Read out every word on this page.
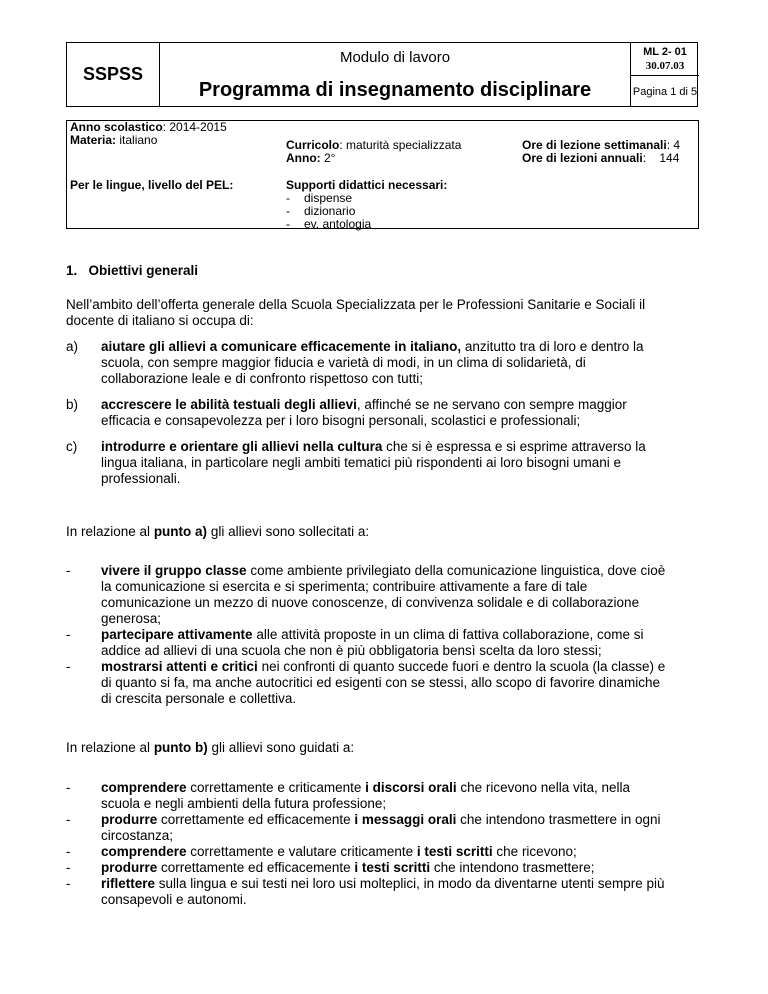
SSPSS
Modulo di lavoro
Programma di insegnamento disciplinare
ML 2- 01
30.07.03
Pagina 1 di 5
Anno scolastico: 2014-2015
Materia: italiano	Curricolo: maturità specializzata
Anno: 2°
Ore di lezione settimanali: 4
Ore di lezioni annuali:    144
Per le lingue, livello del PEL:	Supporti didattici necessari:
- dispense
- dizionario
- ev. antologia
1.   Obiettivi generali
Nell’ambito dell’offerta generale della Scuola Specializzata per le Professioni Sanitarie e Sociali il
docente di italiano si occupa di:
a) aiutare gli allievi a comunicare efficacemente in italiano, anzitutto tra di loro e dentro la
scuola, con sempre maggior fiducia e varietà di modi, in un clima di solidarietà, di
collaborazione leale e di confronto rispettoso con tutti;
b) accrescere le abilità testuali degli allievi, affinché se ne servano con sempre maggior
efficacia e consapevolezza per i loro bisogni personali, scolastici e professionali;
c) introdurre e orientare gli allievi nella cultura che si è espressa e si esprime attraverso la
lingua italiana, in particolare negli ambiti tematici più rispondenti ai loro bisogni umani e
professionali.
In relazione al punto a) gli allievi sono sollecitati a:
- vivere il gruppo classe come ambiente privilegiato della comunicazione linguistica, dove cioè
la comunicazione si esercita e si sperimenta; contribuire attivamente a fare di tale
comunicazione un mezzo di nuove conoscenze, di convivenza solidale e di collaborazione
generosa;
- partecipare attivamente alle attività proposte in un clima di fattiva collaborazione, come si
addice ad allievi di una scuola che non è più obbligatoria bensì scelta da loro stessi;
- mostrarsi attenti e critici nei confronti di quanto succede fuori e dentro la scuola (la classe) e
di quanto si fa, ma anche autocritici ed esigenti con se stessi, allo scopo di favorire dinamiche
di crescita personale e collettiva.
In relazione al punto b) gli allievi sono guidati a:
- comprendere correttamente e criticamente i discorsi orali che ricevono nella vita, nella
scuola e negli ambienti della futura professione;
- produrre correttamente ed efficacemente i messaggi orali che intendono trasmettere in ogni
circostanza;
- comprendere correttamente e valutare criticamente i testi scritti che ricevono;
- produrre correttamente ed efficacemente i testi scritti che intendono trasmettere;
- riflettere sulla lingua e sui testi nei loro usi molteplici, in modo da diventarne utenti sempre più
consapevoli e autonomi.
